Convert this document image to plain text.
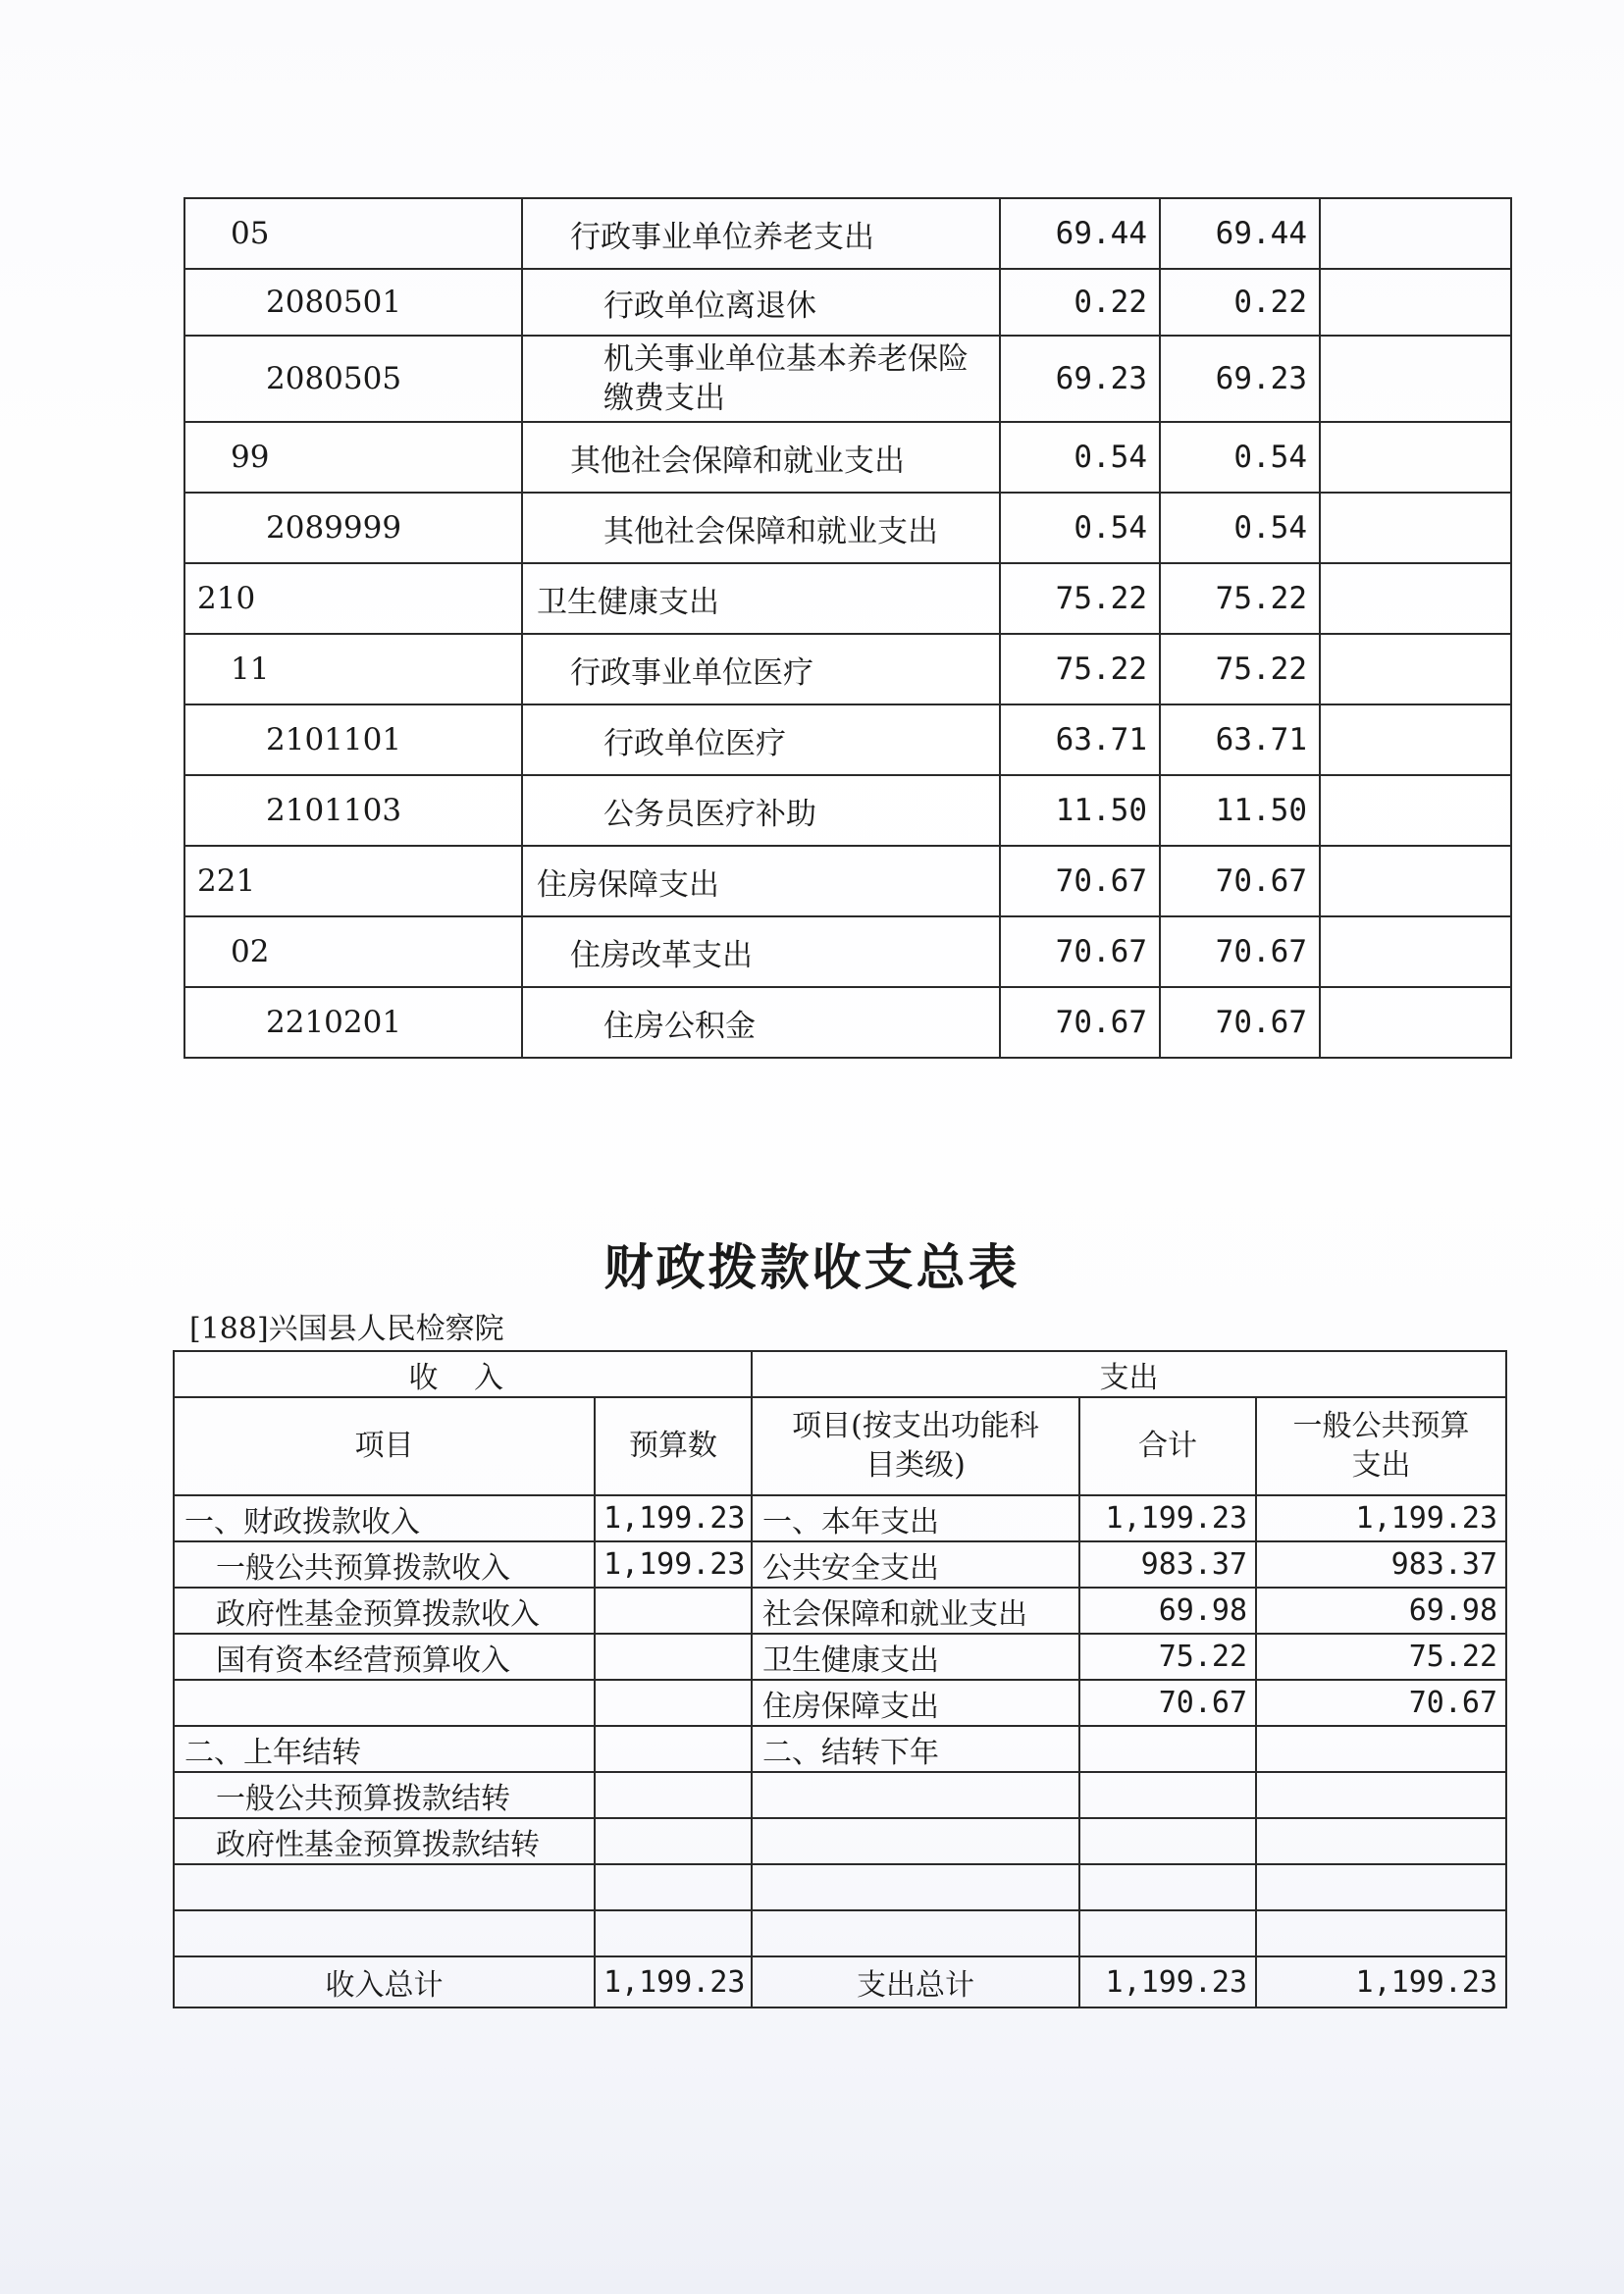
05	行政事业单位养老支出	69.44	69.44	
2080501	行政单位离退休	0.22	0.22	
2080505	机关事业单位基本养老保险缴费支出	69.23	69.23	
99	其他社会保障和就业支出	0.54	0.54	
2089999	其他社会保障和就业支出	0.54	0.54	
210	卫生健康支出	75.22	75.22	
11	行政事业单位医疗	75.22	75.22	
2101101	行政单位医疗	63.71	63.71	
2101103	公务员医疗补助	11.50	11.50	
221	住房保障支出	70.67	70.67	
02	住房改革支出	70.67	70.67	
2210201	住房公积金	70.67	70.67	
财政拨款收支总表
[188]兴国县人民检察院
收 入		支出		
项目	预算数	项目(按支出功能科目类级)	合计	一般公共预算支出
一、财政拨款收入	1,199.23	一、本年支出	1,199.23	1,199.23
一般公共预算拨款收入	1,199.23	公共安全支出	983.37	983.37
政府性基金预算拨款收入		社会保障和就业支出	69.98	69.98
国有资本经营预算收入		卫生健康支出	75.22	75.22
		住房保障支出	70.67	70.67
二、上年结转		二、结转下年		
一般公共预算拨款结转				
政府性基金预算拨款结转				

收入总计	1,199.23	支出总计	1,199.23	1,199.23
